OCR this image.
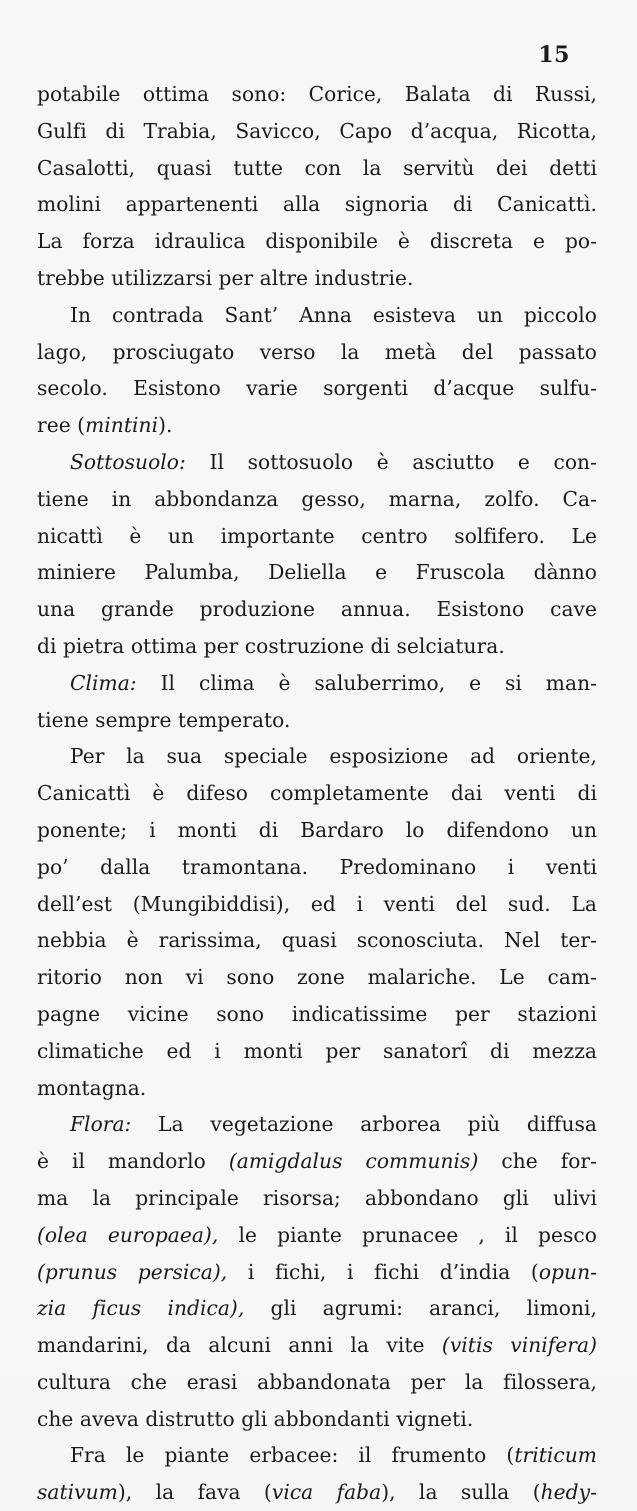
15
potabile ottima sono: Corice, Balata di Russi,
Gulfi di Trabia, Savicco, Capo d’acqua, Ricotta,
Casalotti, quasi tutte con la servitù dei detti
molini appartenenti alla signoria di Canicattì.
La forza idraulica disponibile è discreta e po-
trebbe utilizzarsi per altre industrie.
In contrada Sant’ Anna esisteva un piccolo
lago, prosciugato verso la metà del passato
secolo. Esistono varie sorgenti d’acque sulfu-
ree (mintini).
Sottosuolo: Il sottosuolo è asciutto e con-
tiene in abbondanza gesso, marna, zolfo. Ca-
nicattì è un importante centro solfifero. Le
miniere Palumba, Deliella e Fruscola dànno
una grande produzione annua. Esistono cave
di pietra ottima per costruzione di selciatura.
Clima: Il clima è saluberrimo, e si man-
tiene sempre temperato.
Per la sua speciale esposizione ad oriente,
Canicattì è difeso completamente dai venti di
ponente; i monti di Bardaro lo difendono un
po’ dalla tramontana. Predominano i venti
dell’est (Mungibiddisi), ed i venti del sud. La
nebbia è rarissima, quasi sconosciuta. Nel ter-
ritorio non vi sono zone malariche. Le cam-
pagne vicine sono indicatissime per stazioni
climatiche ed i monti per sanatorî di mezza
montagna.
Flora: La vegetazione arborea più diffusa
è il mandorlo (amigdalus communis) che for-
ma la principale risorsa; abbondano gli ulivi
(olea europaea), le piante prunacee , il pesco
(prunus persica), i fichi, i fichi d’india (opun-
zia ficus indica), gli agrumi: aranci, limoni,
mandarini, da alcuni anni la vite (vitis vinifera)
cultura che erasi abbandonata per la filossera,
che aveva distrutto gli abbondanti vigneti.
Fra le piante erbacee: il frumento (triticum
sativum), la fava (vica faba), la sulla (hedy-
